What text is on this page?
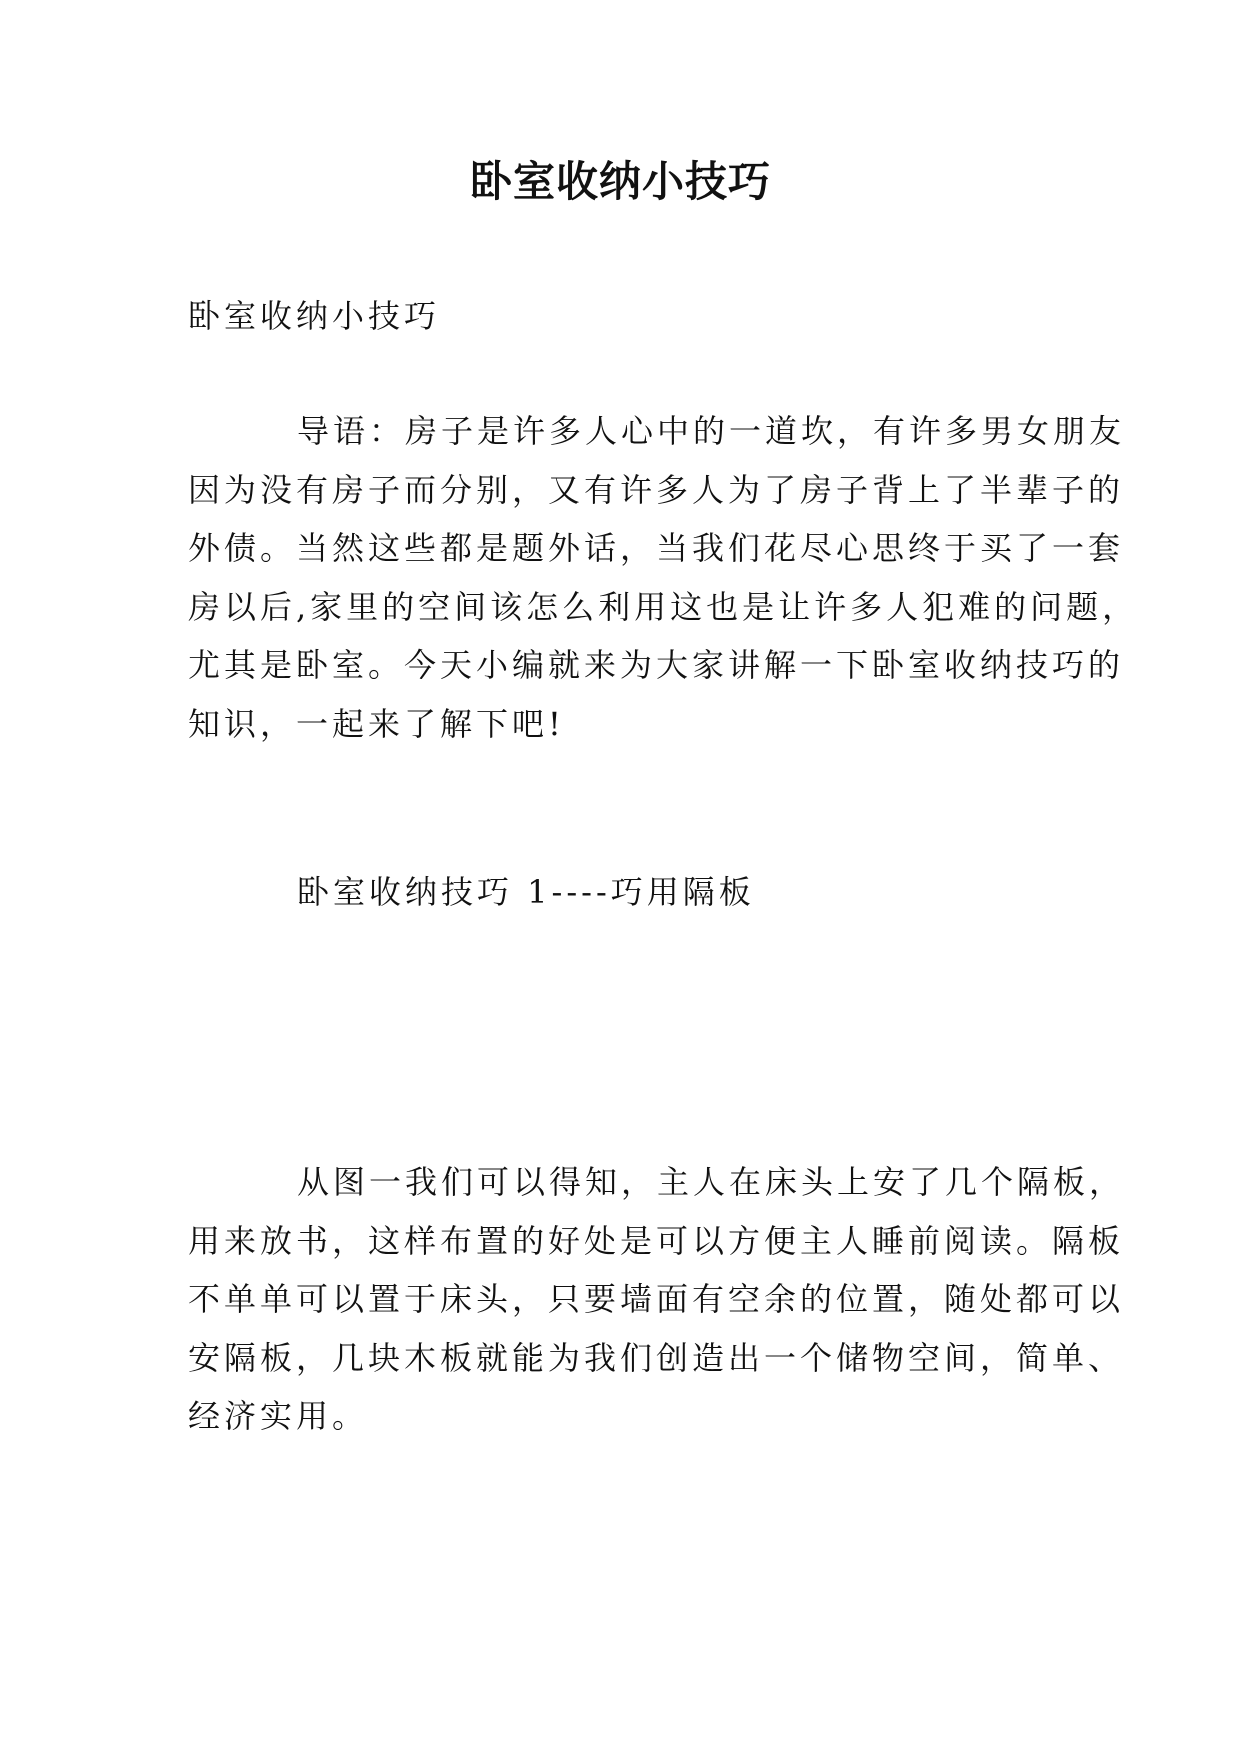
卧室收纳小技巧
卧室收纳小技巧
导语：房子是许多人心中的一道坎，有许多男女朋友
因为没有房子而分别，又有许多人为了房子背上了半辈子的
外债。当然这些都是题外话，当我们花尽心思终于买了一套
房以后,家里的空间该怎么利用这也是让许多人犯难的问题，
尤其是卧室。今天小编就来为大家讲解一下卧室收纳技巧的
知识，一起来了解下吧!
卧室收纳技巧 1----巧用隔板
从图一我们可以得知，主人在床头上安了几个隔板，
用来放书，这样布置的好处是可以方便主人睡前阅读。隔板
不单单可以置于床头，只要墙面有空余的位置，随处都可以
安隔板，几块木板就能为我们创造出一个储物空间，简单、
经济实用。
